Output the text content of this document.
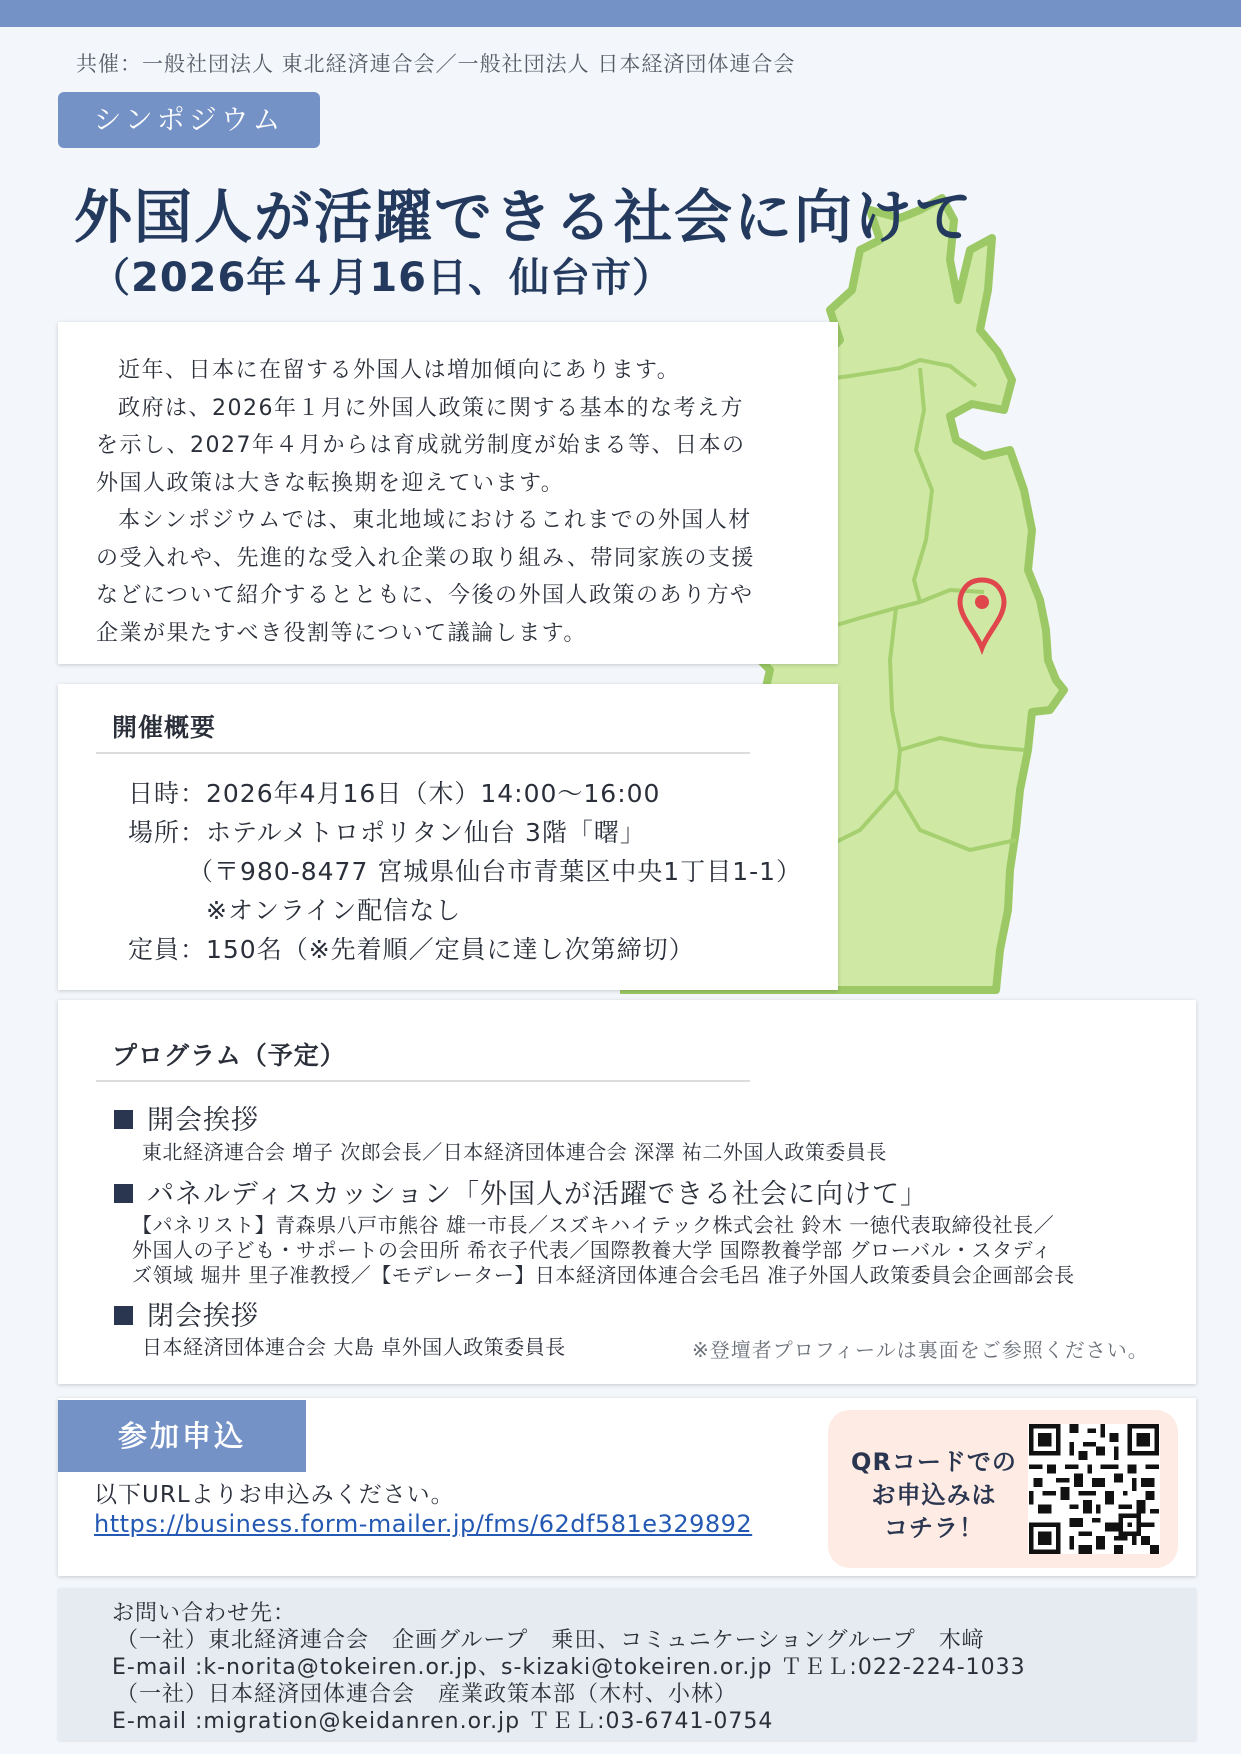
共催：一般社団法人 東北経済連合会／一般社団法人 日本経済団体連合会
シンポジウム
外国人が活躍できる社会に向けて
（2026年４月16日、仙台市）

近年、日本に在留する外国人は増加傾向にあります。

政府は、2026年１月に外国人政策に関する基本的な考え方

を示し、2027年４月からは育成就労制度が始まる等、日本の

外国人政策は大きな転換期を迎えています。

本シンポジウムでは、東北地域におけるこれまでの外国人材

の受入れや、先進的な受入れ企業の取り組み、帯同家族の支援

などについて紹介するとともに、今後の外国人政策のあり方や

企業が果たすべき役割等について議論します。

開催概要
日時：2026年4月16日（木）14:00～16:00
場所：ホテルメトロポリタン仙台 3階「曙」
（〒980-8477 宮城県仙台市青葉区中央1丁目1-1）
※オンライン配信なし
定員：150名（※先着順／定員に達し次第締切）
プログラム（予定）
開会挨拶
東北経済連合会 増子 次郎会長／日本経済団体連合会 深澤 祐二外国人政策委員長
パネルディスカッション「外国人が活躍できる社会に向けて」
【パネリスト】青森県八戸市熊谷 雄一市長／スズキハイテック株式会社 鈴木 一徳代表取締役社長／
外国人の子ども・サポートの会田所 希衣子代表／国際教養大学 国際教養学部 グローバル・スタディ
ズ領域 堀井 里子准教授／【モデレーター】日本経済団体連合会毛呂 准子外国人政策委員会企画部会長
閉会挨拶
日本経済団体連合会 大島 卓外国人政策委員長	※登壇者プロフィールは裏面をご参照ください。
参加申込
以下URLよりお申込みください。
https://business.form-mailer.jp/fms/62df581e329892
QRコードでの
お申込みは
コチラ！
お問い合わせ先：
（一社）東北経済連合会　企画グループ　乗田、コミュニケーショングループ　木﨑
E-mail :k-norita@tokeiren.or.jp、s-kizaki@tokeiren.or.jp ＴＥＬ:022-224-1033
（一社）日本経済団体連合会　産業政策本部（木村、小林）
E-mail :migration@keidanren.or.jp ＴＥＬ:03-6741-0754
